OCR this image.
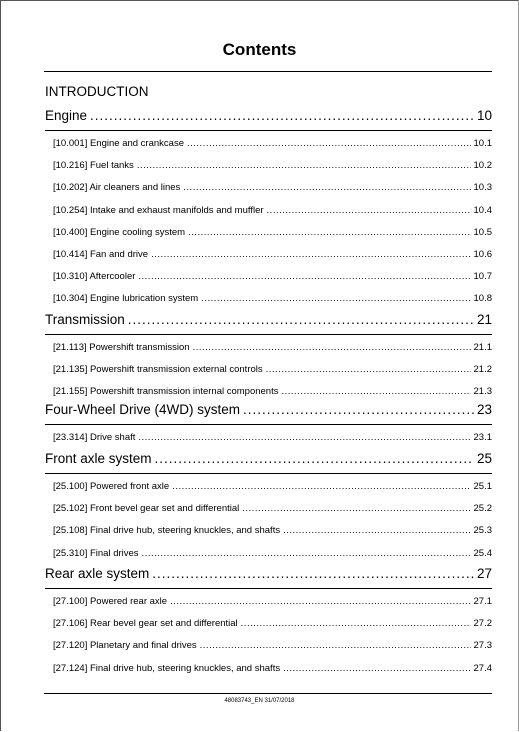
Contents
INTRODUCTION
Engine .....	10
[10.001] Engine and crankcase .....	10.1
[10.216] Fuel tanks .....	10.2
[10.202] Air cleaners and lines .....	10.3
[10.254] Intake and exhaust manifolds and muffler .....	10.4
[10.400] Engine cooling system .....	10.5
[10.414] Fan and drive .....	10.6
[10.310] Aftercooler .....	10.7
[10.304] Engine lubrication system .....	10.8
Transmission .....	21
[21.113] Powershift transmission .....	21.1
[21.135] Powershift transmission external controls .....	21.2
[21.155] Powershift transmission internal components .....	21.3
Four-Wheel Drive (4WD) system .....	23
[23.314] Drive shaft .....	23.1
Front axle system .....	25
[25.100] Powered front axle .....	25.1
[25.102] Front bevel gear set and differential .....	25.2
[25.108] Final drive hub, steering knuckles, and shafts .....	25.3
[25.310] Final drives .....	25.4
Rear axle system .....	27
[27.100] Powered rear axle .....	27.1
[27.106] Rear bevel gear set and differential .....	27.2
[27.120] Planetary and final drives .....	27.3
[27.124] Final drive hub, steering knuckles, and shafts .....	27.4
48083743_EN 31/07/2018
